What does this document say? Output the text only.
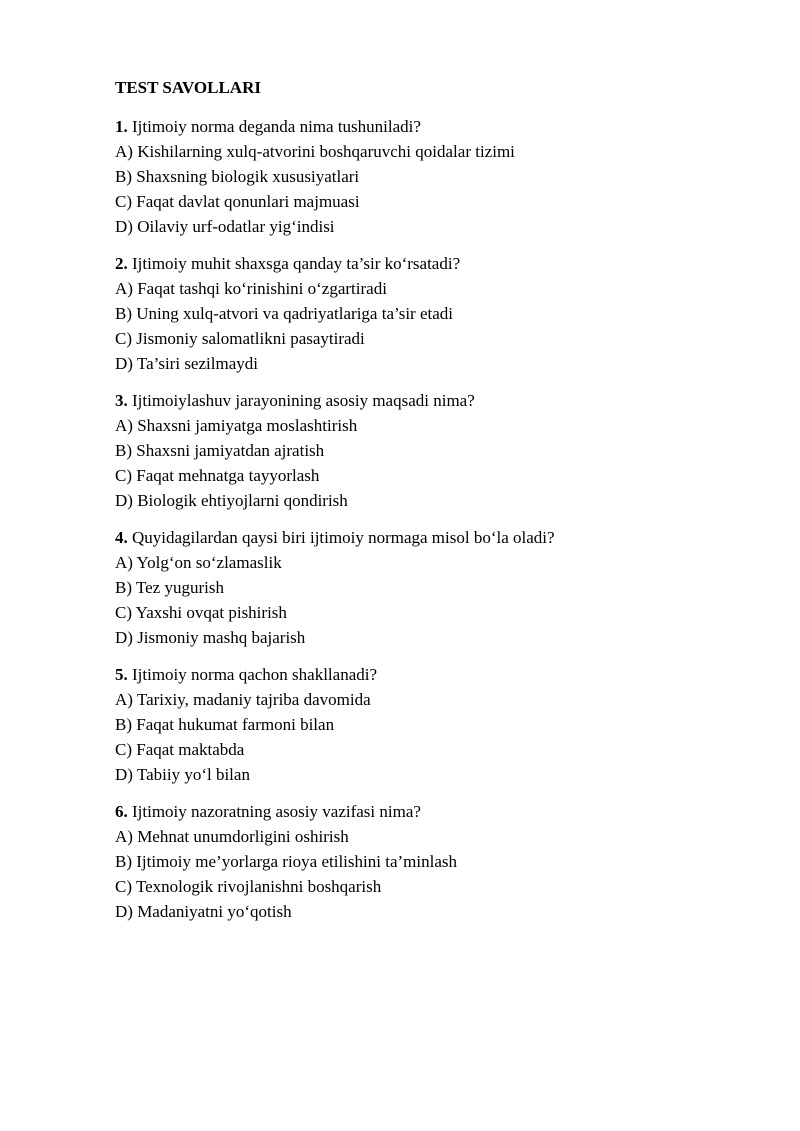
TEST SAVOLLARI
1. Ijtimoiy norma deganda nima tushuniladi?
A) Kishilarning xulq-atvorini boshqaruvchi qoidalar tizimi
B) Shaxsning biologik xususiyatlari
C) Faqat davlat qonunlari majmuasi
D) Oilaviy urf-odatlar yig‘indisi
2. Ijtimoiy muhit shaxsga qanday ta’sir ko‘rsatadi?
A) Faqat tashqi ko‘rinishini o‘zgartiradi
B) Uning xulq-atvori va qadriyatlariga ta’sir etadi
C) Jismoniy salomatlikni pasaytiradi
D) Ta’siri sezilmaydi
3. Ijtimoiylashuv jarayonining asosiy maqsadi nima?
A) Shaxsni jamiyatga moslashtirish
B) Shaxsni jamiyatdan ajratish
C) Faqat mehnatga tayyorlash
D) Biologik ehtiyojlarni qondirish
4. Quyidagilardan qaysi biri ijtimoiy normaga misol bo‘la oladi?
A) Yolg‘on so‘zlamaslik
B) Tez yugurish
C) Yaxshi ovqat pishirish
D) Jismoniy mashq bajarish
5. Ijtimoiy norma qachon shakllanadi?
A) Tarixiy, madaniy tajriba davomida
B) Faqat hukumat farmoni bilan
C) Faqat maktabda
D) Tabiiy yo‘l bilan
6. Ijtimoiy nazoratning asosiy vazifasi nima?
A) Mehnat unumdorligini oshirish
B) Ijtimoiy me’yorlarga rioya etilishini ta’minlash
C) Texnologik rivojlanishni boshqarish
D) Madaniyatni yo‘qotish
